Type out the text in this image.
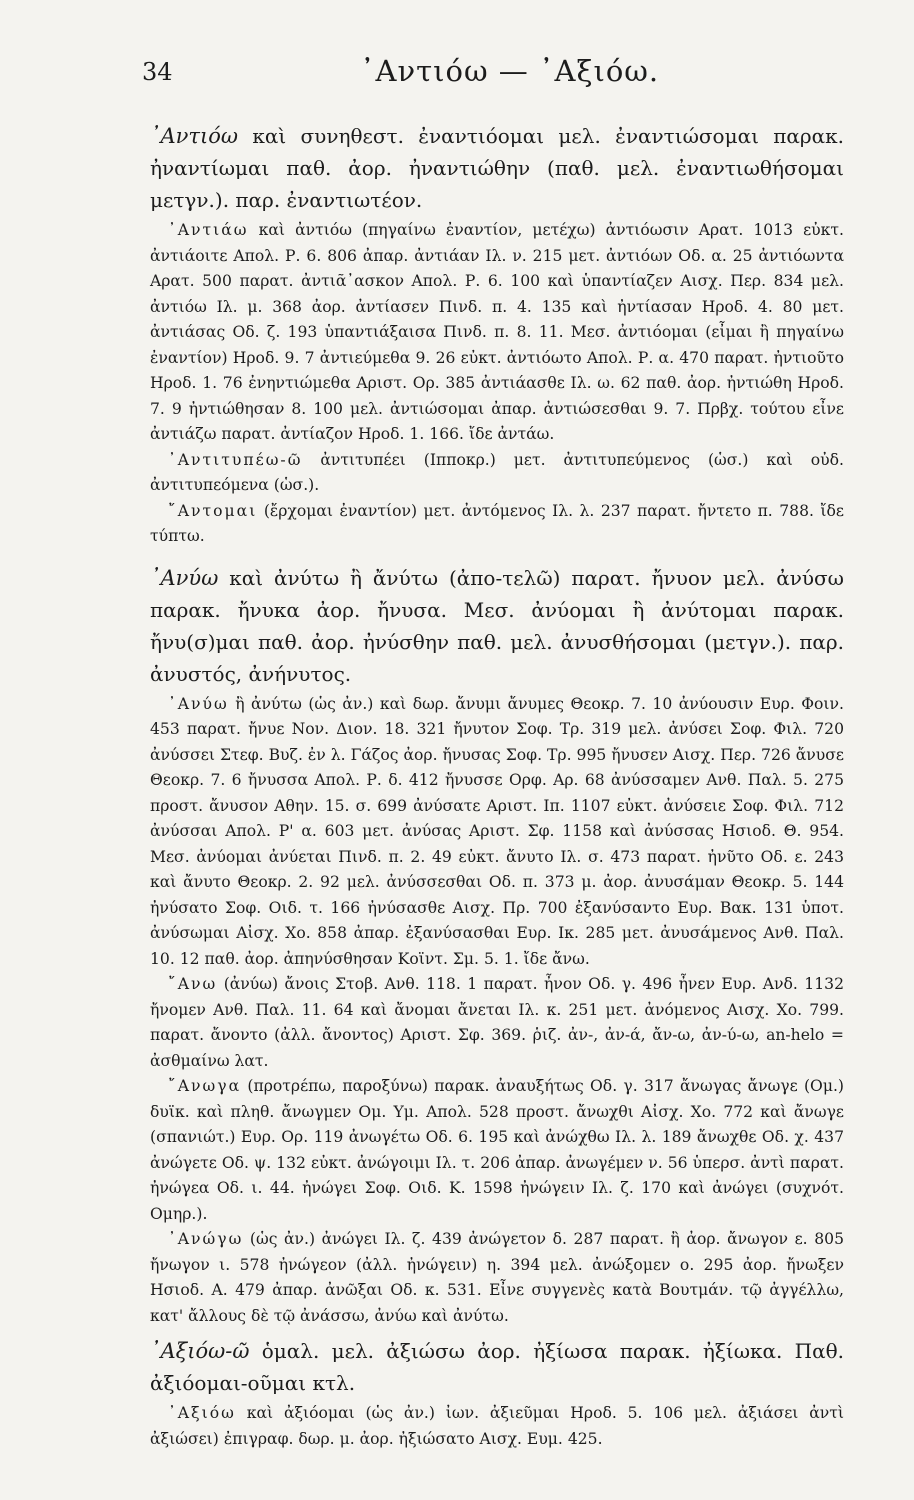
34	᾿Αντιόω — ᾿Αξιόω.

᾿Αντιόω καὶ συνηθεστ. ἐναντιόομαι μελ. ἐναντιώσομαι παρακ. ἠναντίωμαι παθ. ἀορ. ἠναντιώθην (παθ. μελ. ἐναντιωθήσομαι μετγν.). παρ. ἐναντιωτέον.

᾿Αντιάω καὶ ἀντιόω (πηγαίνω ἐναντίον, μετέχω) ἀντιόωσιν Αρατ. 1013 εὐκτ. ἀντιάοιτε Απολ. Ρ. 6. 806 ἀπαρ. ἀντιάαν Ιλ. ν. 215 μετ. ἀντιόων Οδ. α. 25 ἀντιόωντα Αρατ. 500 παρατ. ἀντιᾶ᾿ασκον Απολ. Ρ. 6. 100 καὶ ὑπαντίαζεν Αισχ. Περ. 834 μελ. ἀντιόω Ιλ. μ. 368 ἀορ. ἀντίασεν Πινδ. π. 4. 135 καὶ ἠντίασαν Ηροδ. 4. 80 μετ. ἀντιάσας Οδ. ζ. 193 ὑπαντιάξαισα Πινδ. π. 8. 11. Μεσ. ἀντιόομαι (εἶμαι ἢ πηγαίνω ἐναντίον) Ηροδ. 9. 7 ἀντιεύμεθα 9. 26 εὐκτ. ἀντιόωτο Απολ. Ρ. α. 470 παρατ. ἠντιοῦτο Ηροδ. 1. 76 ἐνηντιώμεθα Αριστ. Ορ. 385 ἀντιάασθε Ιλ. ω. 62 παθ. ἀορ. ἠντιώθη Ηροδ. 7. 9 ἠντιώθησαν 8. 100 μελ. ἀντιώσομαι ἀπαρ. ἀντιώσεσθαι 9. 7. Πρβχ. τούτου εἶνε ἀντιάζω παρατ. ἀντίαζον Ηροδ. 1. 166. ἴδε ἀντάω.

᾿Αντιτυπέω-ῶ ἀντιτυπέει (Ιπποκρ.) μετ. ἀντιτυπεύμενος (ὡσ.) καὶ οὐδ. ἀντιτυπεόμενα (ὡσ.).

῎Αντομαι (ἔρχομαι ἐναντίον) μετ. ἀντόμενος Ιλ. λ. 237 παρατ. ἤντετο π. 788. ἴδε τύπτω.

᾿Ανύω καὶ ἀνύτω ἢ ἄνύτω (ἀπο-τελῶ) παρατ. ἤνυον μελ. ἀνύσω παρακ. ἤνυκα ἀορ. ἤνυσα. Μεσ. ἀνύομαι ἢ ἀνύτομαι παρακ. ἤνυ(σ)μαι παθ. ἀορ. ἠνύσθην παθ. μελ. ἀνυσθήσομαι (μετγν.). παρ. ἀνυστός, ἀνήνυτος.

᾿Ανύω ἢ ἀνύτω (ὡς ἀν.) καὶ δωρ. ἄνυμι ἄνυμες Θεοκρ. 7. 10 ἀνύουσιν Ευρ. Φοιν. 453 παρατ. ἤνυε Νον. Διον. 18. 321 ἤνυτον Σοφ. Τρ. 319 μελ. ἀνύσει Σοφ. Φιλ. 720 ἀνύσσει Στεφ. Βυζ. ἐν λ. Γάζος ἀορ. ἤνυσας Σοφ. Τρ. 995 ἤνυσεν Αισχ. Περ. 726 ἄνυσε Θεοκρ. 7. 6 ἤνυσσα Απολ. Ρ. δ. 412 ἤνυσσε Ορφ. Αρ. 68 ἀνύσσαμεν Ανθ. Παλ. 5. 275 προστ. ἄνυσον Αθην. 15. σ. 699 ἀνύσατε Αριστ. Ιπ. 1107 εὐκτ. ἀνύσειε Σοφ. Φιλ. 712 ἀνύσσαι Απολ. Ρ' α. 603 μετ. ἀνύσας Αριστ. Σφ. 1158 καὶ ἀνύσσας Ησιοδ. Θ. 954. Μεσ. ἀνύομαι ἀνύεται Πινδ. π. 2. 49 εὐκτ. ἄνυτο Ιλ. σ. 473 παρατ. ἠνῦτο Οδ. ε. 243 καὶ ἄνυτο Θεοκρ. 2. 92 μελ. ἀνύσσεσθαι Οδ. π. 373 μ. ἀορ. ἀνυσάμαν Θεοκρ. 5. 144 ἠνύσατο Σοφ. Οιδ. τ. 166 ἠνύσασθε Αισχ. Πρ. 700 ἐξανύσαντο Ευρ. Βακ. 131 ὑποτ. ἀνύσωμαι Αἰσχ. Χο. 858 ἀπαρ. ἐξανύσασθαι Ευρ. Ικ. 285 μετ. ἀνυσάμενος Ανθ. Παλ. 10. 12 παθ. ἀορ. ἀπηνύσθησαν Κοϊντ. Σμ. 5. 1. ἴδε ἄνω.

῎Ανω (ἀνύω) ἄνοις Στοβ. Ανθ. 118. 1 παρατ. ἦνον Οδ. γ. 496 ἦνεν Ευρ. Ανδ. 1132 ἤνομεν Ανθ. Παλ. 11. 64 καὶ ἄνομαι ἄνεται Ιλ. κ. 251 μετ. ἀνόμενος Αισχ. Χο. 799. παρατ. ἄνοντο (ἀλλ. ἄνοντος) Αριστ. Σφ. 369. ῥιζ. ἀν-, ἀν-ά, ἄν-ω, ἀν-ύ-ω, an-helo = ἀσθμαίνω λατ.

῎Ανωγα (προτρέπω, παροξύνω) παρακ. ἀναυξήτως Οδ. γ. 317 ἄνωγας ἄνωγε (Ομ.) δυϊκ. καὶ πληθ. ἄνωγμεν Ομ. Υμ. Απολ. 528 προστ. ἄνωχθι Αἰσχ. Χο. 772 καὶ ἄνωγε (σπανιώτ.) Ευρ. Ορ. 119 ἀνωγέτω Οδ. 6. 195 καὶ ἀνώχθω Ιλ. λ. 189 ἄνωχθε Οδ. χ. 437 ἀνώγετε Οδ. ψ. 132 εὐκτ. ἀνώγοιμι Ιλ. τ. 206 ἀπαρ. ἀνωγέμεν ν. 56 ὑπερσ. ἀντὶ παρατ. ἠνώγεα Οδ. ι. 44. ἠνώγει Σοφ. Οιδ. Κ. 1598 ἠνώγειν Ιλ. ζ. 170 καὶ ἀνώγει (συχνότ. Ομηρ.).

᾿Ανώγω (ὡς ἀν.) ἀνώγει Ιλ. ζ. 439 ἀνώγετον δ. 287 παρατ. ἢ ἀορ. ἄνωγον ε. 805 ἤνωγον ι. 578 ἠνώγεον (ἀλλ. ἠνώγειν) η. 394 μελ. ἀνώξομεν ο. 295 ἀορ. ἤνωξεν Ησιοδ. Α. 479 ἀπαρ. ἀνῶξαι Οδ. κ. 531. Εἶνε συγγενὲς κατὰ Βουτμάν. τῷ ἀγγέλλω, κατ' ἄλλους δὲ τῷ ἀνάσσω, ἀνύω καὶ ἀνύτω.

᾿Αξιόω-ῶ ὁμαλ. μελ. ἀξιώσω ἀορ. ἠξίωσα παρακ. ἠξίωκα. Παθ. ἀξιόομαι-οῦμαι κτλ.

᾿Αξιόω καὶ ἀξιόομαι (ὡς ἀν.) ἰων. ἀξιεῦμαι Ηροδ. 5. 106 μελ. ἀξιάσει ἀντὶ ἀξιώσει) ἐπιγραφ. δωρ. μ. ἀορ. ἠξιώσατο Αισχ. Ευμ. 425.
